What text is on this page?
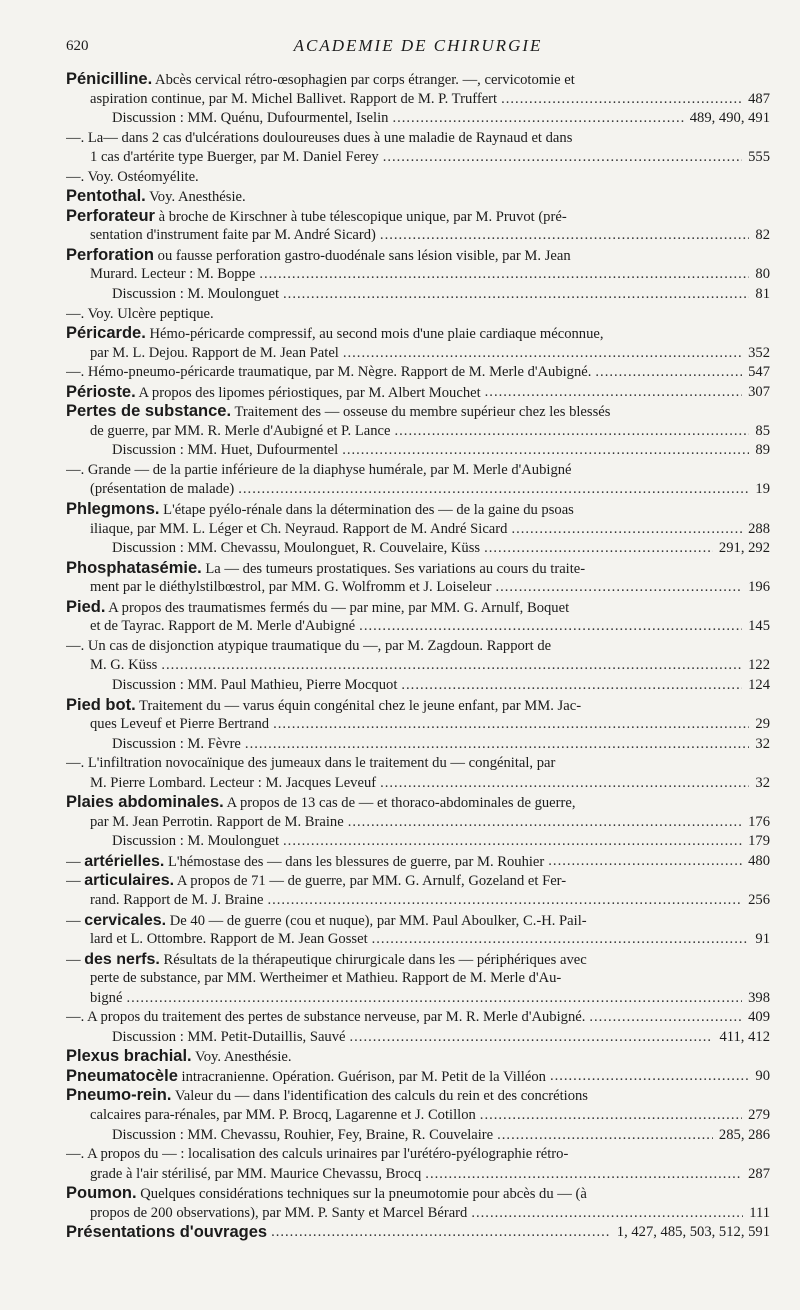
620	ACADEMIE DE CHIRURGIE
Pénicilline. Abcès cervical rétro-œsophagien par corps étranger. —, cervicotomie et
aspiration continue, par M. Michel Ballivet. Rapport de M. P. Truffert .....	487
Discussion : MM. Quénu, Dufourmentel, Iselin .....	489, 490, 491
—. La— dans 2 cas d'ulcérations douloureuses dues à une maladie de Raynaud et dans
1 cas d'artérite type Buerger, par M. Daniel Ferey .....	555
—. Voy. Ostéomyélite.
Pentothal. Voy. Anesthésie.
Perforateur à broche de Kirschner à tube télescopique unique, par M. Pruvot (pré-
sentation d'instrument faite par M. André Sicard) .....	82
Perforation ou fausse perforation gastro-duodénale sans lésion visible, par M. Jean
Murard. Lecteur : M. Boppe .....	80
Discussion : M. Moulonguet .....	81
—. Voy. Ulcère peptique.
Péricarde. Hémo-péricarde compressif, au second mois d'une plaie cardiaque méconnue,
par M. L. Dejou. Rapport de M. Jean Patel .....	352
—. Hémo-pneumo-péricarde traumatique, par M. Nègre. Rapport de M. Merle d'Aubigné. .....	547
Périoste. A propos des lipomes périostiques, par M. Albert Mouchet .....	307
Pertes de substance. Traitement des — osseuse du membre supérieur chez les blessés
de guerre, par MM. R. Merle d'Aubigné et P. Lance .....	85
Discussion : MM. Huet, Dufourmentel .....	89
—. Grande — de la partie inférieure de la diaphyse humérale, par M. Merle d'Aubigné
(présentation de malade) .....	19
Phlegmons. L'étape pyélo-rénale dans la détermination des — de la gaine du psoas
iliaque, par MM. L. Léger et Ch. Neyraud. Rapport de M. André Sicard .....	288
Discussion : MM. Chevassu, Moulonguet, R. Couvelaire, Küss .....	291, 292
Phosphatasémie. La — des tumeurs prostatiques. Ses variations au cours du traite-
ment par le diéthylstilbœstrol, par MM. G. Wolfromm et J. Loiseleur .....	196
Pied. A propos des traumatismes fermés du — par mine, par MM. G. Arnulf, Boquet
et de Tayrac. Rapport de M. Merle d'Aubigné .....	145
—. Un cas de disjonction atypique traumatique du —, par M. Zagdoun. Rapport de
M. G. Küss .....	122
Discussion : MM. Paul Mathieu, Pierre Mocquot .....	124
Pied bot. Traitement du — varus équin congénital chez le jeune enfant, par MM. Jac-
ques Leveuf et Pierre Bertrand .....	29
Discussion : M. Fèvre .....	32
—. L'infiltration novocaïnique des jumeaux dans le traitement du — congénital, par
M. Pierre Lombard. Lecteur : M. Jacques Leveuf .....	32
Plaies abdominales. A propos de 13 cas de — et thoraco-abdominales de guerre,
par M. Jean Perrotin. Rapport de M. Braine .....	176
Discussion : M. Moulonguet .....	179
— artérielles. L'hémostase des — dans les blessures de guerre, par M. Rouhier .....	480
— articulaires. A propos de 71 — de guerre, par MM. G. Arnulf, Gozeland et Fer-
rand. Rapport de M. J. Braine .....	256
— cervicales. De 40 — de guerre (cou et nuque), par MM. Paul Aboulker, C.-H. Pail-
lard et L. Ottombre. Rapport de M. Jean Gosset .....	91
— des nerfs. Résultats de la thérapeutique chirurgicale dans les — périphériques avec
perte de substance, par MM. Wertheimer et Mathieu. Rapport de M. Merle d'Au-
bigné .....	398
—. A propos du traitement des pertes de substance nerveuse, par M. R. Merle d'Aubigné. .....	409
Discussion : MM. Petit-Dutaillis, Sauvé .....	411, 412
Plexus brachial. Voy. Anesthésie.
Pneumatocèle intracranienne. Opération. Guérison, par M. Petit de la Villéon .....	90
Pneumo-rein. Valeur du — dans l'identification des calculs du rein et des concrétions
calcaires para-rénales, par MM. P. Brocq, Lagarenne et J. Cotillon .....	279
Discussion : MM. Chevassu, Rouhier, Fey, Braine, R. Couvelaire .....	285, 286
—. A propos du — : localisation des calculs urinaires par l'urétéro-pyélographie rétro-
grade à l'air stérilisé, par MM. Maurice Chevassu, Brocq .....	287
Poumon. Quelques considérations techniques sur la pneumotomie pour abcès du — (à
propos de 200 observations), par MM. P. Santy et Marcel Bérard .....	111
Présentations d'ouvrages .....	1, 427, 485, 503, 512, 591
